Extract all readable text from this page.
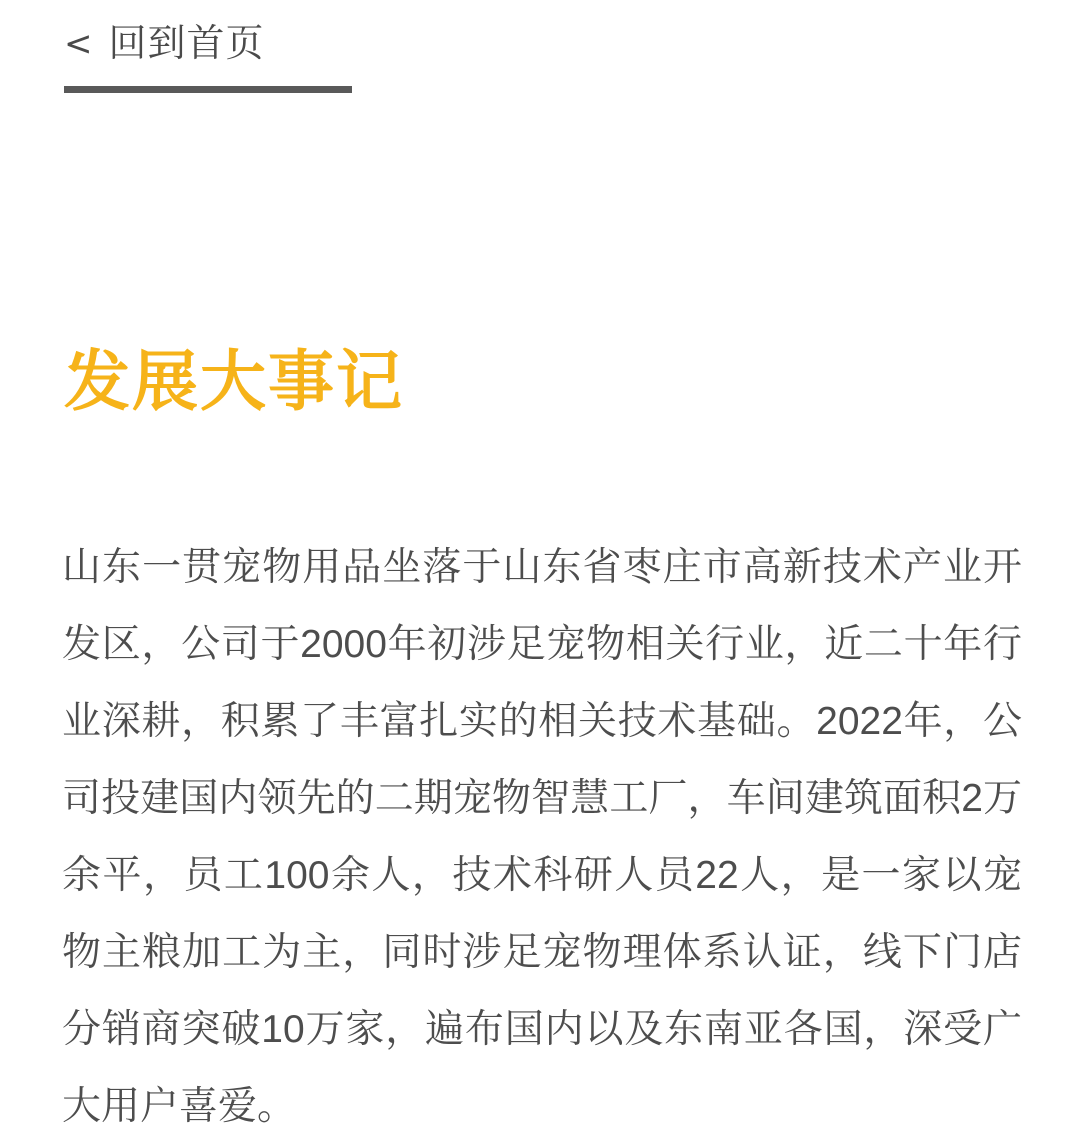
< 回到首页
发展大事记

山东一贯宠物用品坐落于山东省枣庄市高新技术产业开发区，公司于2000年初涉足宠物相关行业，近二十年行业深耕，积累了丰富扎实的相关技术基础。2022年，公司投建国内领先的二期宠物智慧工厂，车间建筑面积2万余平，员工100余人，技术科研人员22人，是一家以宠物主粮加工为主，同时涉足宠物理体系认证，线下门店分销商突破10万家，遍布国内以及东南亚各国，深受广大用户喜爱。
